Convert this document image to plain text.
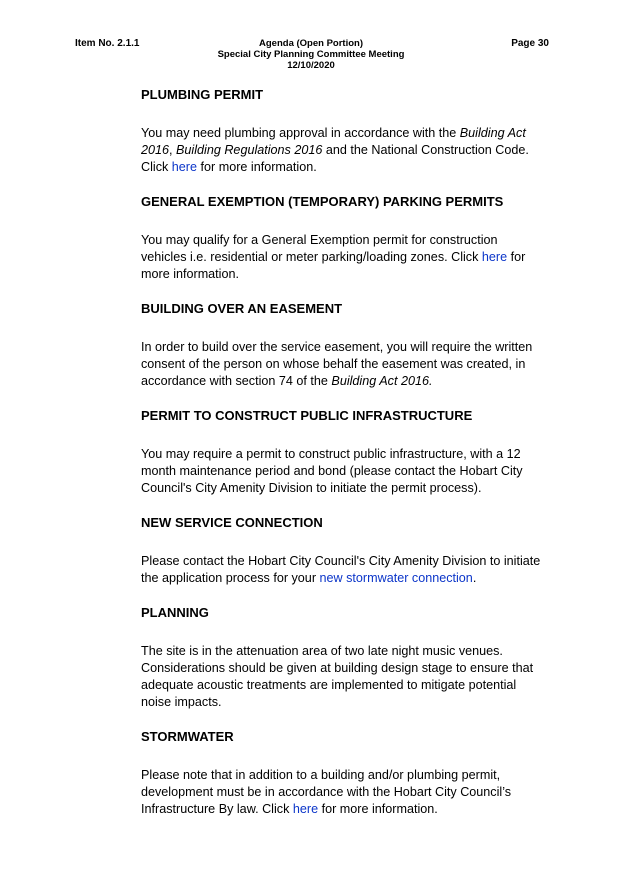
Item No. 2.1.1	Agenda (Open Portion)
Special City Planning Committee Meeting
12/10/2020
Page 30
PLUMBING PERMIT

You may need plumbing approval in accordance with the Building Act 2016, Building Regulations 2016 and the National Construction Code. Click here for more information.

GENERAL EXEMPTION (TEMPORARY) PARKING PERMITS

You may qualify for a General Exemption permit for construction vehicles i.e. residential or meter parking/loading zones. Click here for more information.

BUILDING OVER AN EASEMENT

In order to build over the service easement, you will require the written consent of the person on whose behalf the easement was created, in accordance with section 74 of the Building Act 2016.

PERMIT TO CONSTRUCT PUBLIC INFRASTRUCTURE

You may require a permit to construct public infrastructure, with a 12 month maintenance period and bond (please contact the Hobart City Council's City Amenity Division to initiate the permit process).

NEW SERVICE CONNECTION

Please contact the Hobart City Council's City Amenity Division to initiate the application process for your new stormwater connection.

PLANNING

The site is in the attenuation area of two late night music venues. Considerations should be given at building design stage to ensure that adequate acoustic treatments are implemented to mitigate potential noise impacts.

STORMWATER

Please note that in addition to a building and/or plumbing permit, development must be in accordance with the Hobart City Council’s Infrastructure By law. Click here for more information.
